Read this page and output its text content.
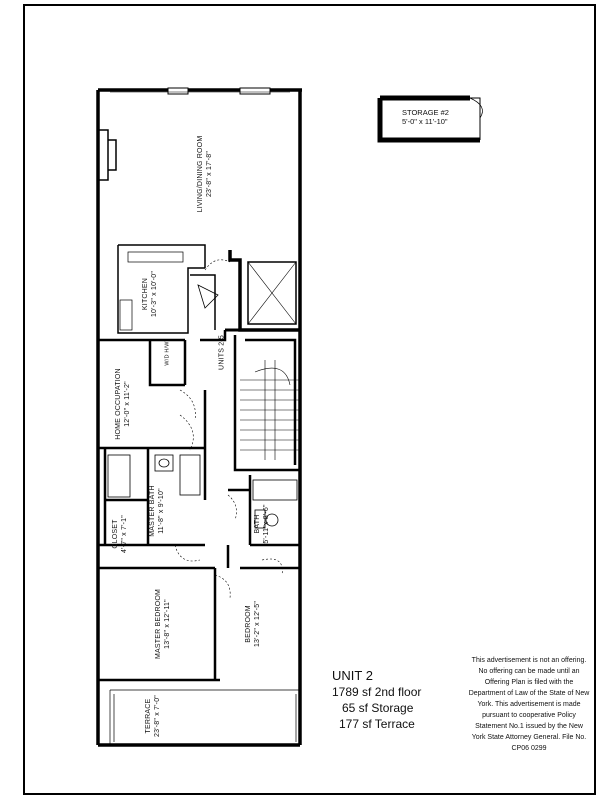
LIVING/DINING ROOM 23'-8" x 17'-8"
KITCHEN 10'-3" x 10'-0"
W/D H/W	UNITS 2-5
HOME OCCUPATION 12'-0" x 11'-2"
MASTER BATH 11'-8" x 9'-10"
CLOSET 4'-7" x 7'-1"	BATH 5'-11"x 8'-6"
MASTER BEDROOM 13'-8" x 12'-11"	BEDROOM 13'-2" x 12'-5"
TERRACE 23'-8" x 7'-0"
STORAGE #2
5'-0" x 11'-10"
UNIT 2
1789 sf 2nd floor
65 sf Storage
177 sf Terrace
This advertisement is not an offering. No offering can be made until an Offering Plan is filed with the Department of Law of the State of New York. This advertisement is made pursuant to cooperative Policy Statement No.1 issued by the New York State Attorney General. File No. CP06 0299
